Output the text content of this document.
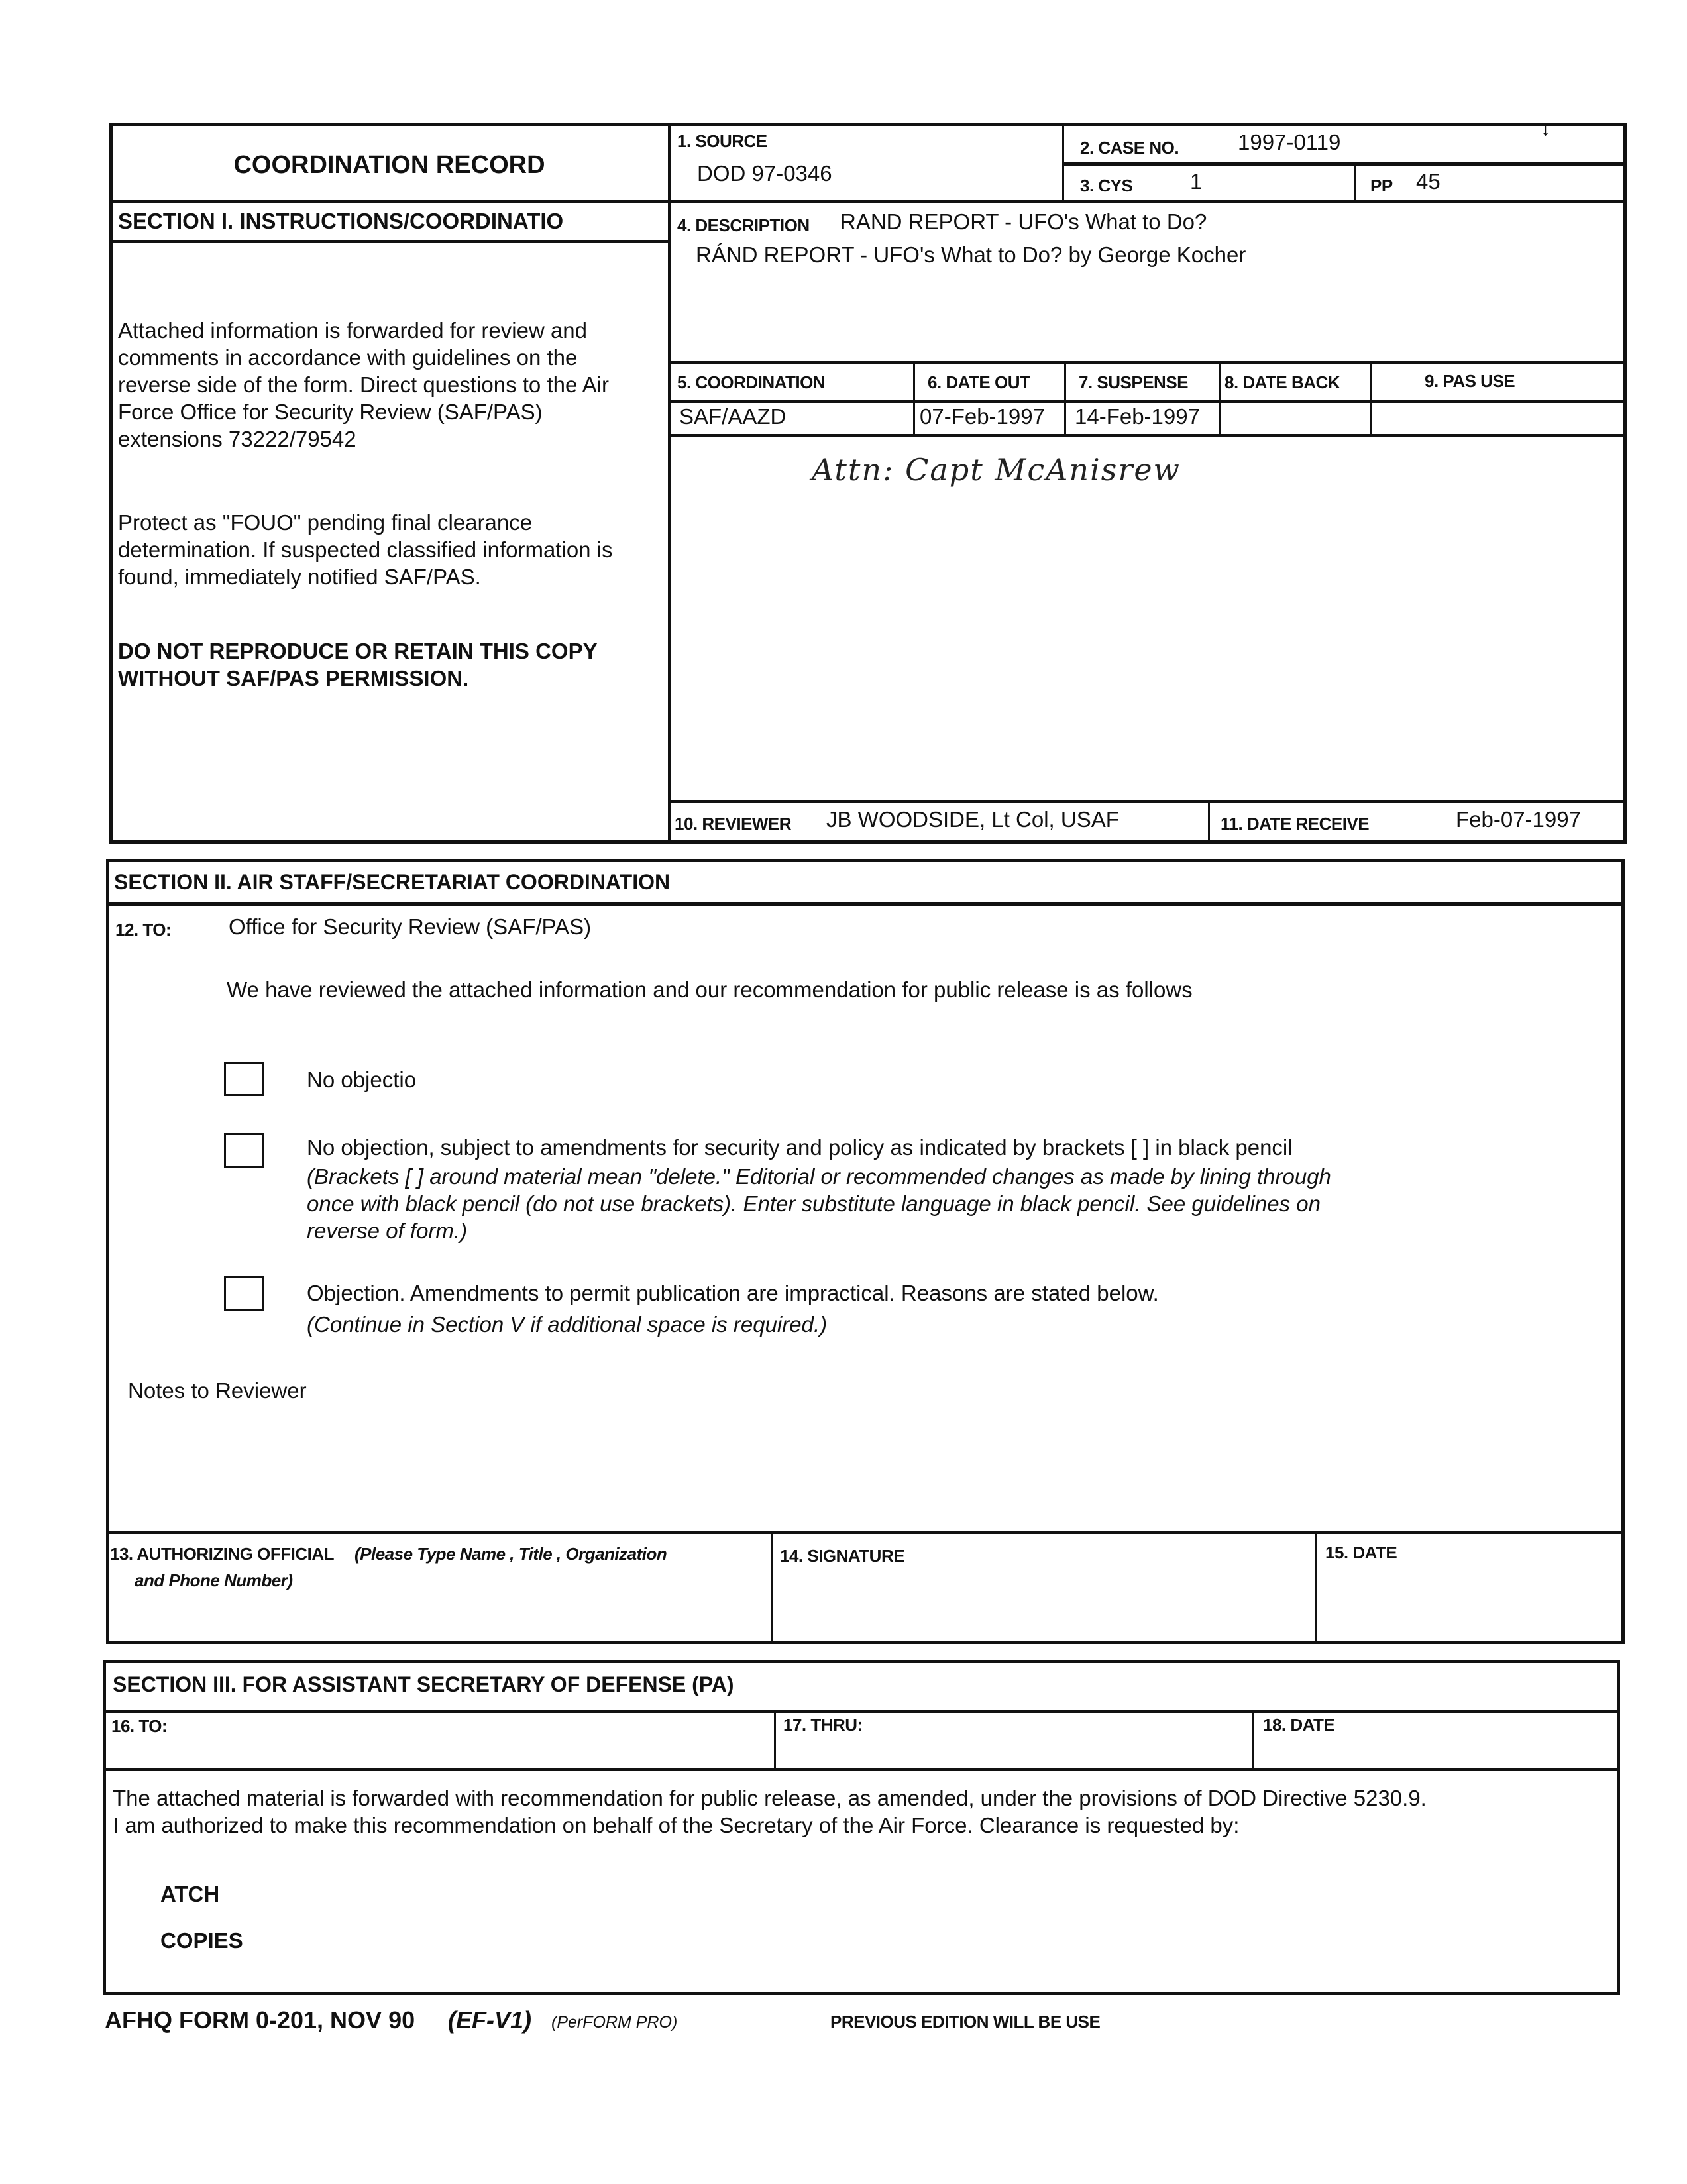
COORDINATION RECORD
SECTION I. INSTRUCTIONS/COORDINATIO
Attached information is forwarded for review and comments in accordance with guidelines on the reverse side of the form. Direct questions to the Air Force Office for Security Review (SAF/PAS) extensions 73222/79542
Protect as "FOUO" pending final clearance determination. If suspected classified information is found, immediately notified SAF/PAS.
DO NOT REPRODUCE OR RETAIN THIS COPY WITHOUT SAF/PAS PERMISSION.
1. SOURCE
DOD 97-0346
2. CASE NO.	1997-0119
↓
3. CYS	1	PP 45
4. DESCRIPTION RAND REPORT - UFO's What to Do?
RÁND REPORT - UFO's What to Do? by George Kocher
5. COORDINATION	6. DATE OUT	7. SUSPENSE 8. DATE BACK	9. PAS USE
SAF/AAZD	07-Feb-1997 14-Feb-1997
Attn: Capt McAnisrew
10. REVIEWER JB WOODSIDE, Lt Col, USAF	11. DATE RECEIVE	Feb-07-1997
SECTION II. AIR STAFF/SECRETARIAT COORDINATION
12. TO:	Office for Security Review (SAF/PAS)
We have reviewed the attached information and our recommendation for public release is as follows
No objectio
No objection, subject to amendments for security and policy as indicated by brackets [ ] in black pencil
(Brackets [ ] around material mean "delete." Editorial or recommended changes as made by lining through once with black pencil (do not use brackets). Enter substitute language in black pencil. See guidelines on reverse of form.)
Objection. Amendments to permit publication are impractical. Reasons are stated below.
(Continue in Section V if additional space is required.)
Notes to Reviewer
13. AUTHORIZING OFFICIAL (Please Type Name , Title , Organization
and Phone Number)
14. SIGNATURE	15. DATE
SECTION III. FOR ASSISTANT SECRETARY OF DEFENSE (PA)
16. TO:	17. THRU:	18. DATE
The attached material is forwarded with recommendation for public release, as amended, under the provisions of DOD Directive 5230.9. I am authorized to make this recommendation on behalf of the Secretary of the Air Force. Clearance is requested by:
ATCH
COPIES
AFHQ FORM 0-201, NOV 90 (EF-V1) (PerFORM PRO)	PREVIOUS EDITION WILL BE USE
